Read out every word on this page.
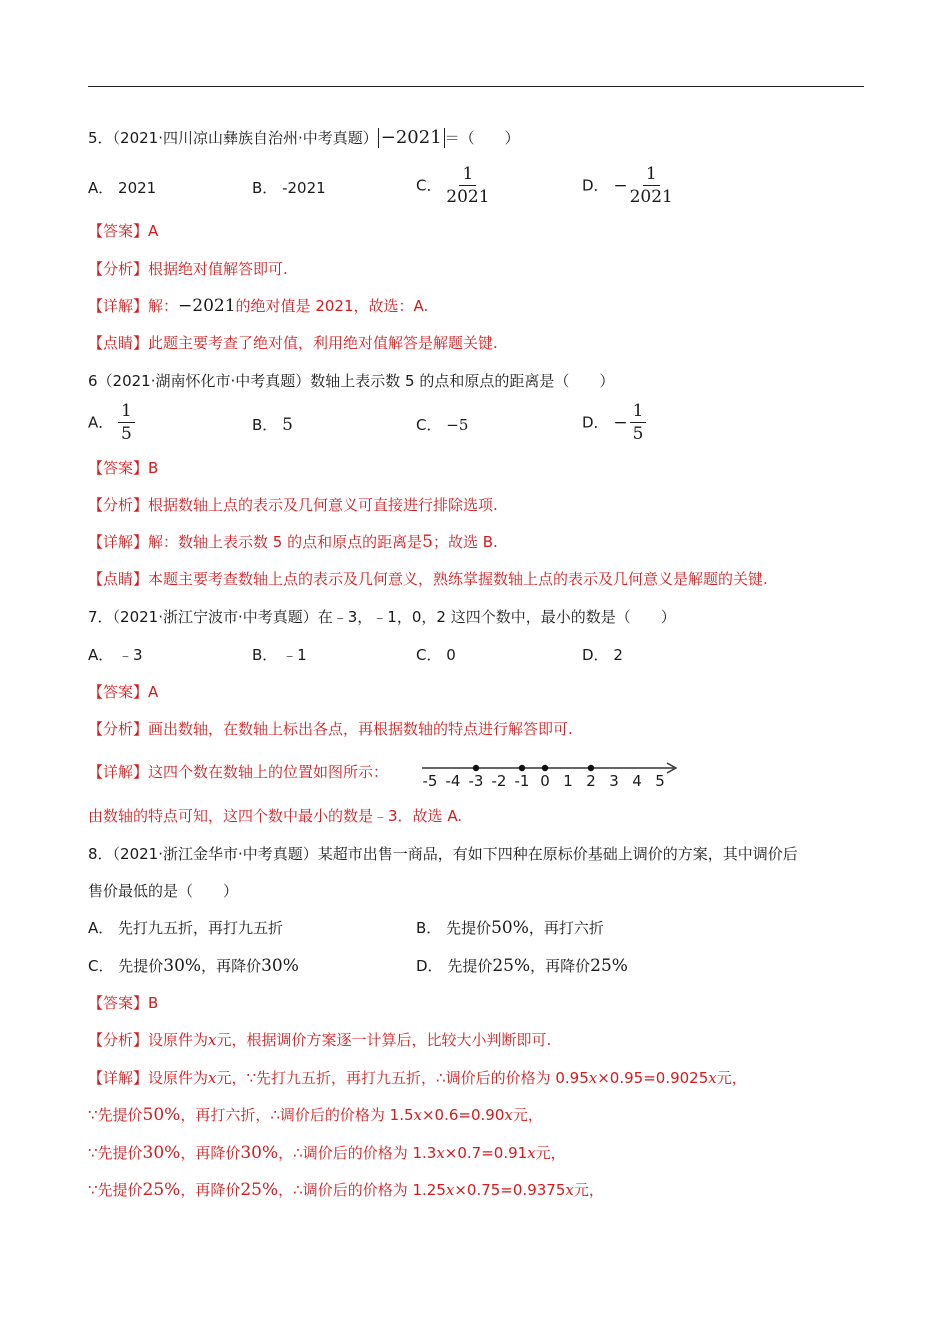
5．（2021·四川凉山彝族自治州·中考真题） −2021 ＝（　　）
A． 2021	B． -2021	C． $\frac{1}{2021}$	D． − $\frac{1}{2021}$
【答案】A
【分析】根据绝对值解答即可.
【详解】解：−2021的绝对值是 2021，故选：A.
【点睛】此题主要考查了绝对值，利用绝对值解答是解题关键.
6（2021·湖南怀化市·中考真题）数轴上表示数 5 的点和原点的距离是（　　）
A． $\frac{1}{5}$	B． 5	C． −5	D． − $\frac{1}{5}$
【答案】B
【分析】根据数轴上点的表示及几何意义可直接进行排除选项.
【详解】解：数轴上表示数 5 的点和原点的距离是5；故选 B.
【点睛】本题主要考查数轴上点的表示及几何意义，熟练掌握数轴上点的表示及几何意义是解题的关键.
7．（2021·浙江宁波市·中考真题）在﹣3，﹣1，0，2 这四个数中，最小的数是（　　）
A． ﹣3	B． ﹣1	C． 0	D． 2
【答案】A
【分析】画出数轴，在数轴上标出各点，再根据数轴的特点进行解答即可.
【详解】这四个数在数轴上的位置如图所示： -5 -4 -3 -2 -1 0 1 2 3 4 5
由数轴的特点可知，这四个数中最小的数是﹣3．故选 A.
8．（2021·浙江金华市·中考真题）某超市出售一商品，有如下四种在原标价基础上调价的方案，其中调价后
售价最低的是（　　）
A． 先打九五折，再打九五折	B． 先提价50%，再打六折
C． 先提价30%，再降价30%	D． 先提价25%，再降价25%
【答案】B
【分析】设原件为x元，根据调价方案逐一计算后，比较大小判断即可.
【详解】设原件为x元，∵先打九五折，再打九五折，∴调价后的价格为 0.95x×0.95=0.9025x元，
∵先提价50%，再打六折，∴调价后的价格为 1.5x×0.6=0.90x元，
∵先提价30%，再降价30%，∴调价后的价格为 1.3x×0.7=0.91x元，
∵先提价25%，再降价25%，∴调价后的价格为 1.25x×0.75=0.9375x元，
